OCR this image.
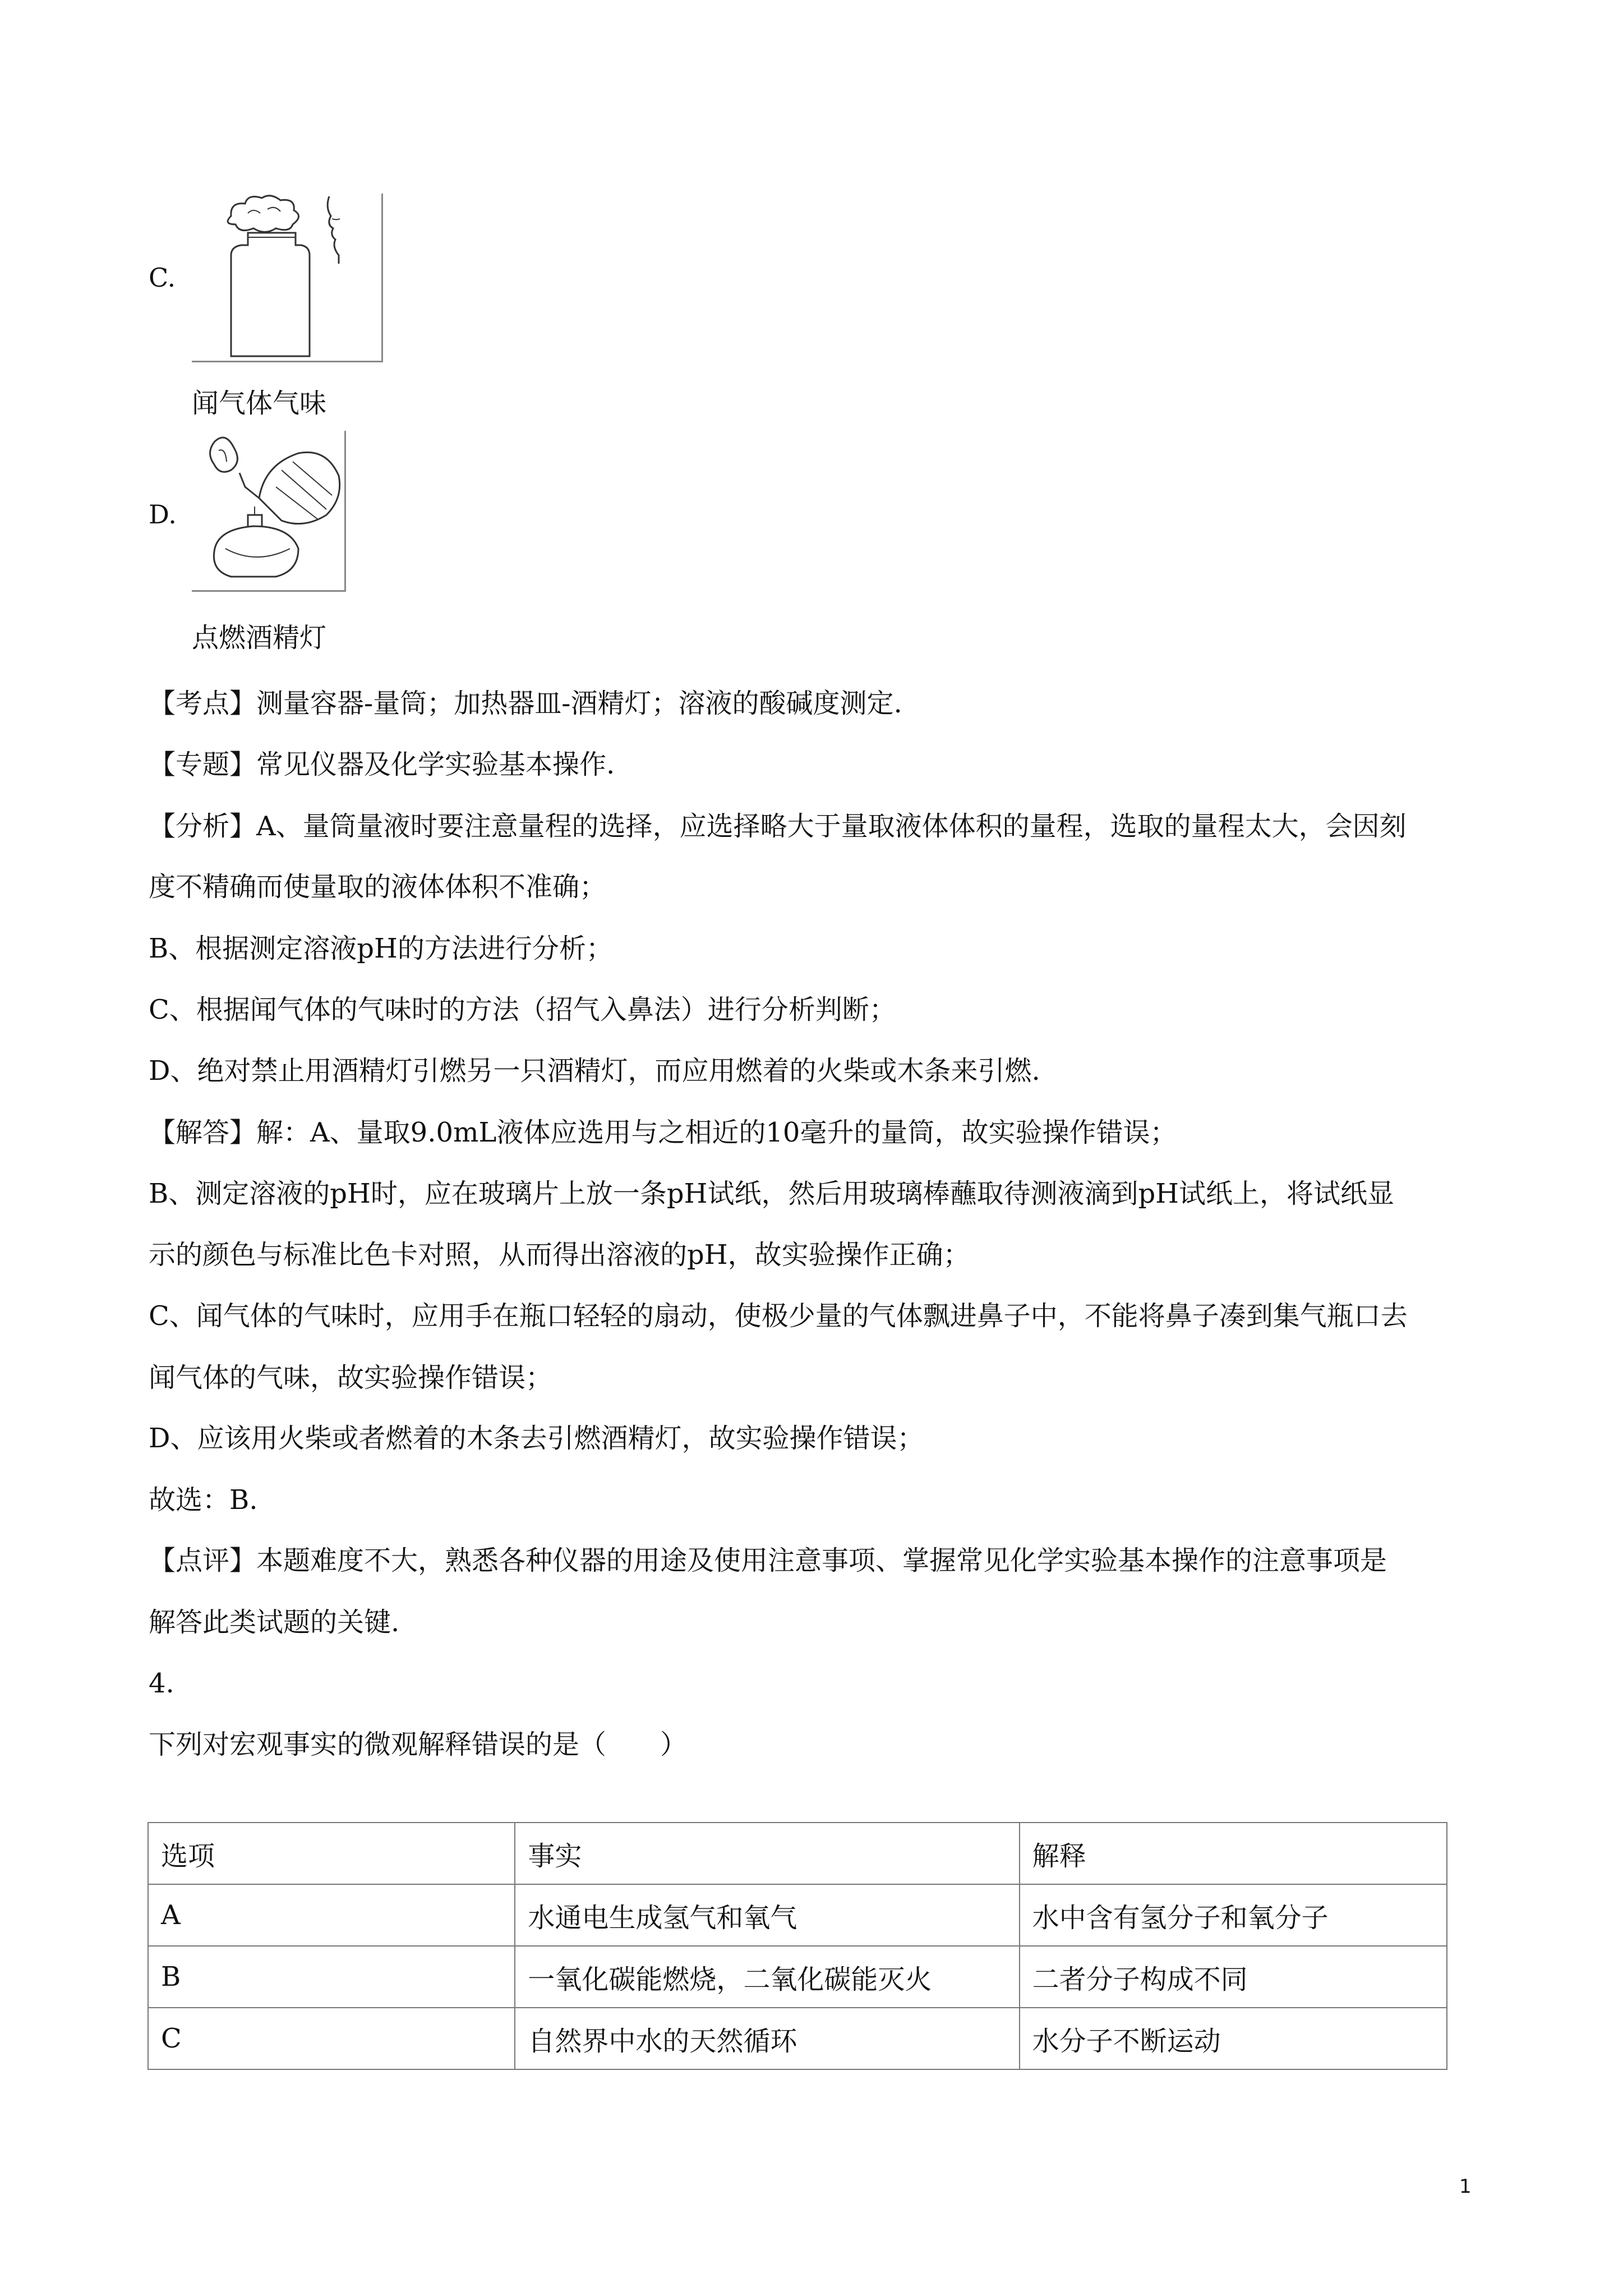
C.
闻气体气味
D.
点燃酒精灯
【考点】测量容器-量筒；加热器皿-酒精灯；溶液的酸碱度测定.
【专题】常见仪器及化学实验基本操作.
【分析】A、量筒量液时要注意量程的选择，应选择略大于量取液体体积的量程，选取的量程太大，会因刻
度不精确而使量取的液体体积不准确；
B、根据测定溶液pH的方法进行分析；
C、根据闻气体的气味时的方法（招气入鼻法）进行分析判断；
D、绝对禁止用酒精灯引燃另一只酒精灯，而应用燃着的火柴或木条来引燃.
【解答】解：A、量取9.0mL液体应选用与之相近的10毫升的量筒，故实验操作错误；
B、测定溶液的pH时，应在玻璃片上放一条pH试纸，然后用玻璃棒蘸取待测液滴到pH试纸上，将试纸显
示的颜色与标准比色卡对照，从而得出溶液的pH，故实验操作正确；
C、闻气体的气味时，应用手在瓶口轻轻的扇动，使极少量的气体飘进鼻子中，不能将鼻子凑到集气瓶口去
闻气体的气味，故实验操作错误；
D、应该用火柴或者燃着的木条去引燃酒精灯，故实验操作错误；
故选：B.
【点评】本题难度不大，熟悉各种仪器的用途及使用注意事项、掌握常见化学实验基本操作的注意事项是
解答此类试题的关键.
4.
下列对宏观事实的微观解释错误的是（　　）
选项	事实	解释
A	水通电生成氢气和氧气	水中含有氢分子和氧分子
B	一氧化碳能燃烧，二氧化碳能灭火	二者分子构成不同
C	自然界中水的天然循环	水分子不断运动
1
